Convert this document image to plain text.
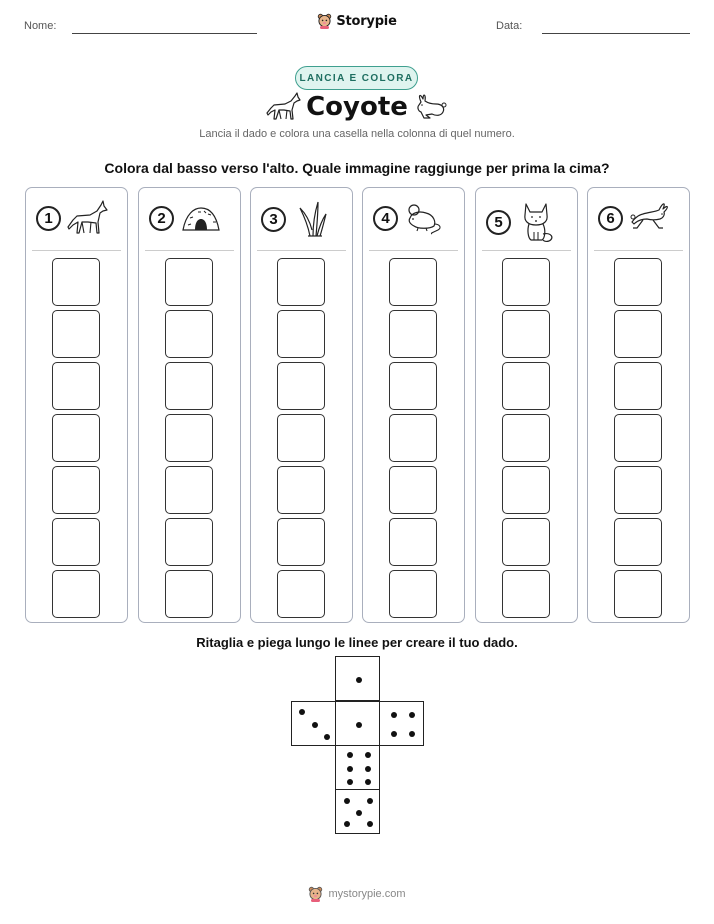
Nome:	Storypie	Data:
LANCIA E COLORA
Coyote

Lancia il dado e colora una casella nella colonna di quel numero.

Colora dal basso verso l'alto. Quale immagine raggiunge per prima la cima?

1	2	3	4	5	6

Ritaglia e piega lungo le linee per creare il tuo dado.

mystorypie.com
